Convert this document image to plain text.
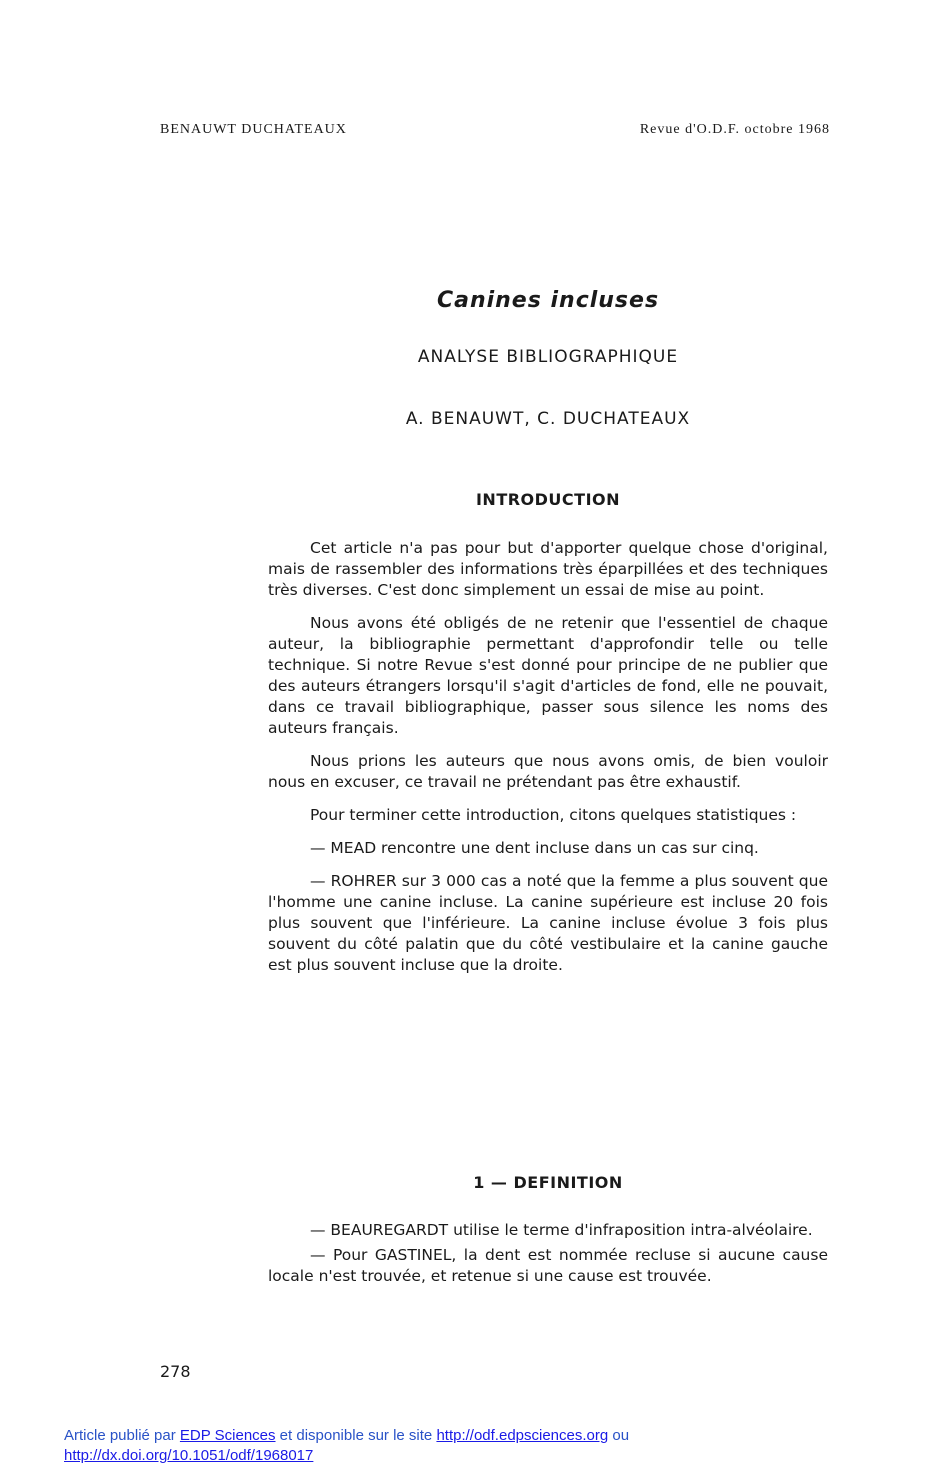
BENAUWT DUCHATEAUX	Revue d'O.D.F. octobre 1968
Canines incluses
ANALYSE BIBLIOGRAPHIQUE
A. BENAUWT, C. DUCHATEAUX
INTRODUCTION

Cet article n'a pas pour but d'apporter quelque chose d'original, mais de rassembler des informations très éparpillées et des techniques très diverses. C'est donc simplement un essai de mise au point.

Nous avons été obligés de ne retenir que l'essentiel de chaque auteur, la bibliographie permettant d'approfondir telle ou telle technique. Si notre Revue s'est donné pour principe de ne publier que des auteurs étrangers lorsqu'il s'agit d'articles de fond, elle ne pouvait, dans ce travail bibliographique, passer sous silence les noms des auteurs français.

Nous prions les auteurs que nous avons omis, de bien vouloir nous en excuser, ce travail ne prétendant pas être exhaustif.

Pour terminer cette introduction, citons quelques statistiques :

— MEAD rencontre une dent incluse dans un cas sur cinq.

— ROHRER sur 3 000 cas a noté que la femme a plus souvent que l'homme une canine incluse. La canine supérieure est incluse 20 fois plus souvent que l'inférieure. La canine incluse évolue 3 fois plus souvent du côté palatin que du côté vestibulaire et la canine gauche est plus souvent incluse que la droite.

1 — DEFINITION

— BEAUREGARDT utilise le terme d'infraposition intra-alvéolaire.

— Pour GASTINEL, la dent est nommée recluse si aucune cause locale n'est trouvée, et retenue si une cause est trouvée.

278
Article publié par EDP Sciences et disponible sur le site http://odf.edpsciences.org ou
http://dx.doi.org/10.1051/odf/1968017
